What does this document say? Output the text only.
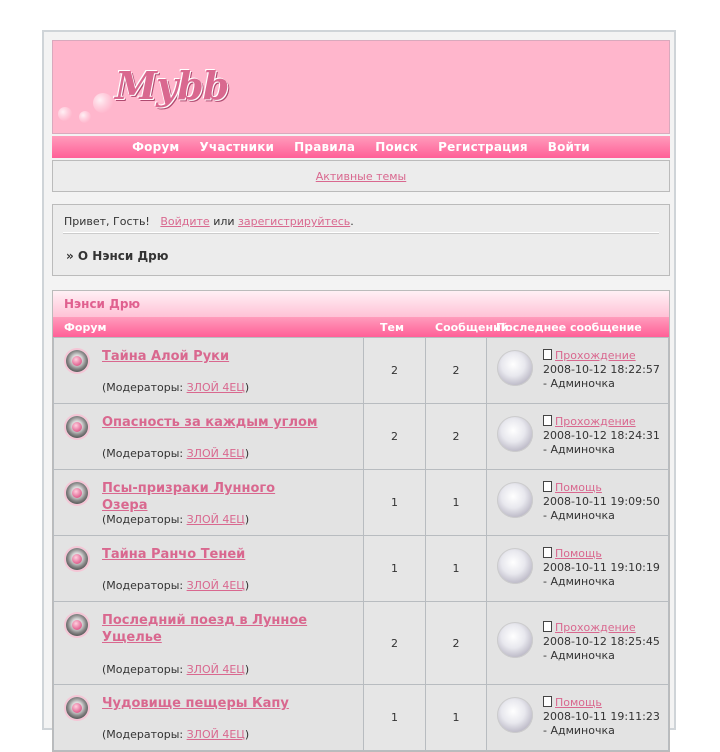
Mybb
Форум	Участники	Правила	Поиск	Регистрация	Войти
Активные темы
Привет, Гость! Войдите или зарегистрируйтесь.
» О Нэнси Дрю
Нэнси Дрю
Форум	Тем	Сообщений
Последнее сообщение
Тайна Алой Руки
(Модераторы: ЗЛОЙ 4ЕЦ)	2	2	Прохождение
2008-10-12 18:22:57
- Админочка

Опасность за каждым углом
(Модераторы: ЗЛОЙ 4ЕЦ)	2	2	Прохождение
2008-10-12 18:24:31
- Админочка

Псы-призраки Лунного Озера
(Модераторы: ЗЛОЙ 4ЕЦ)	1	1	Помощь
2008-10-11 19:09:50
- Админочка

Тайна Ранчо Теней
(Модераторы: ЗЛОЙ 4ЕЦ)	1	1	Помощь
2008-10-11 19:10:19
- Админочка

Последний поезд в Лунное Ущелье
(Модераторы: ЗЛОЙ 4ЕЦ)	2	2	Прохождение
2008-10-12 18:25:45
- Админочка

Чудовище пещеры Капу
(Модераторы: ЗЛОЙ 4ЕЦ)	1	1	Помощь
2008-10-11 19:11:23
- Админочка
